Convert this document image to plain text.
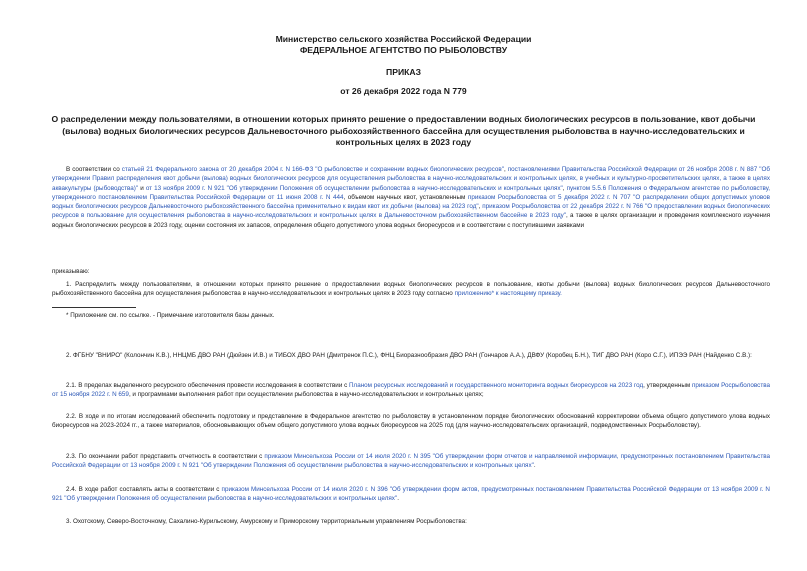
Министерство сельского хозяйства Российской Федерации
ФЕДЕРАЛЬНОЕ АГЕНТСТВО ПО РЫБОЛОВСТВУ
ПРИКАЗ
от 26 декабря 2022 года N 779
О распределении между пользователями, в отношении которых принято решение о предоставлении водных биологических ресурсов в пользование, квот добычи (вылова) водных биологических ресурсов Дальневосточного рыбохозяйственного бассейна для осуществления рыболовства в научно-исследовательских и контрольных целях в 2023 году
В соответствии со статьей 21 Федерального закона от 20 декабря 2004 г. N 166-ФЗ "О рыболовстве и сохранении водных биологических ресурсов", постановлениями Правительства Российской Федерации от 26 ноября 2008 г. N 887 "Об утверждении Правил распределения квот добычи (вылова) водных биологических ресурсов для осуществления рыболовства в научно-исследовательских и контрольных целях, в учебных и культурно-просветительских целях, а также в целях аквакультуры (рыбоводства)" и от 13 ноября 2009 г. N 921 "Об утверждении Положения об осуществлении рыболовства в научно-исследовательских и контрольных целях", пунктом 5.5.6 Положения о Федеральном агентстве по рыболовству, утвержденного постановлением Правительства Российской Федерации от 11 июня 2008 г. N 444, объемом научных квот, установленным приказом Росрыболовства от 5 декабря 2022 г. N 707 "О распределении общих допустимых уловов водных биологических ресурсов Дальневосточного рыбохозяйственного бассейна применительно к видам квот их добычи (вылова) на 2023 год", приказом Росрыболовства от 22 декабря 2022 г. N 766 "О предоставлении водных биологических ресурсов в пользование для осуществления рыболовства в научно-исследовательских и контрольных целях в Дальневосточном рыбохозяйственном бассейне в 2023 году", а также в целях организации и проведения комплексного изучения водных биологических ресурсов в 2023 году, оценки состояния их запасов, определения общего допустимого улова водных биоресурсов и в соответствии с поступившими заявками
приказываю:
1. Распределить между пользователями, в отношении которых принято решение о предоставлении водных биологических ресурсов в пользование, квоты добычи (вылова) водных биологических ресурсов Дальневосточного рыбохозяйственного бассейна для осуществления рыболовства в научно-исследовательских и контрольных целях в 2023 году согласно приложению* к настоящему приказу.
* Приложение см. по ссылке. - Примечание изготовителя базы данных.
2. ФГБНУ "ВНИРО" (Колончин К.В.), ННЦМБ ДВО РАН (Дюйзен И.В.) и ТИБОХ ДВО РАН (Дмитренок П.С.), ФНЦ Биоразнообразия ДВО РАН (Гончаров А.А.), ДВФУ (Коробец Б.Н.), ТИГ ДВО РАН (Коро С.Г.), ИПЭЭ РАН (Найденко С.В.):
2.1. В пределах выделенного ресурсного обеспечения провести исследования в соответствии с Планом ресурсных исследований и государственного мониторинга водных биоресурсов на 2023 год, утвержденным приказом Росрыболовства от 15 ноября 2022 г. N 659, и программами выполнения работ при осуществлении рыболовства в научно-исследовательских и контрольных целях;
2.2. В ходе и по итогам исследований обеспечить подготовку и представление в Федеральное агентство по рыболовству в установленном порядке биологических обоснований корректировки объема общего допустимого улова водных биоресурсов на 2023-2024 гг., а также материалов, обосновывающих объем общего допустимого улова водных биоресурсов на 2025 год (для научно-исследовательских организаций, подведомственных Росрыболовству).
2.3. По окончании работ представить отчетность в соответствии с приказом Минсельхоза России от 14 июля 2020 г. N 395 "Об утверждении форм отчетов и направляемой информации, предусмотренных постановлением Правительства Российской Федерации от 13 ноября 2009 г. N 921 "Об утверждении Положения об осуществлении рыболовства в научно-исследовательских и контрольных целях".
2.4. В ходе работ составлять акты в соответствии с приказом Минсельхоза России от 14 июля 2020 г. N 396 "Об утверждении форм актов, предусмотренных постановлением Правительства Российской Федерации от 13 ноября 2009 г. N 921 "Об утверждении Положения об осуществлении рыболовства в научно-исследовательских и контрольных целях".
3. Охотскому, Северо-Восточному, Сахалино-Курильскому, Амурскому и Приморскому территориальным управлениям Росрыболовства:
